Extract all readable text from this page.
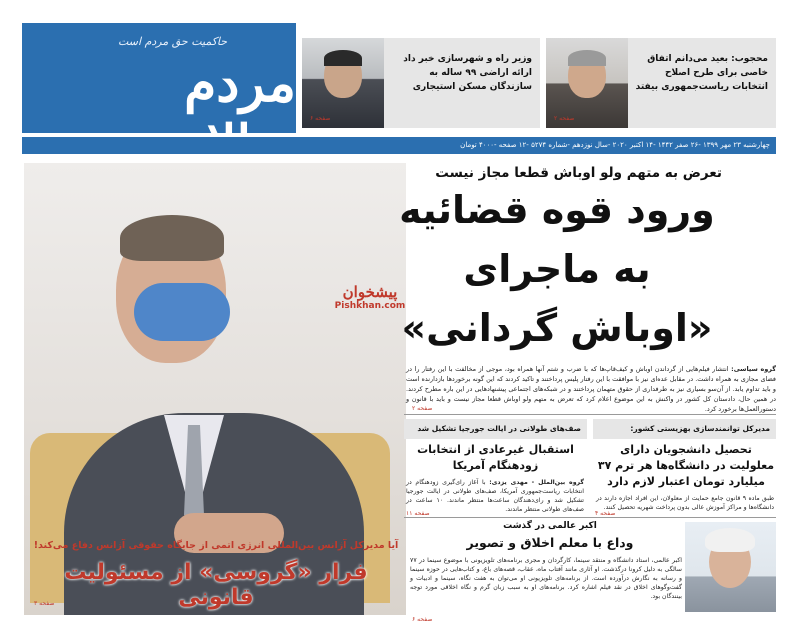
حاکمیت حق مردم است
مردم	وزیر راه و شهرسازی خبر داد ارائه اراضی ۹۹ ساله به سازندگان مسکن استیجاری
صفحه ۶
محجوب: بعید می‌دانم اتفاق خاصی برای طرح اصلاح انتخابات ریاست‌جمهوری بیفتد
صفحه ۲
چهارشنبه ۲۳ مهر ۱۳۹۹ -۲۶ صفر ۱۴۴۲ -۱۴ اکتبر ۲۰۲۰ -سال نوزدهم -شماره ۵۲۷۴ -۱۲ صفحه -۴۰۰۰ تومان
پیشخوان
Pishkhan.com
آیا مدیرکل آژانس بین‌المللی انرژی اتمی از جایگاه حقوقی آژانس دفاع می‌کند!
فرار «گروسی» از مسئولیت قانونی
صفحه ۳
تعرض به متهم ولو اوباش قطعا مجاز نیست
ورود قوه قضائیه
به ماجرای
«اوباش گردانی»
گروه سیاسی: انتشار فیلم‌هایی از گرداندن اوباش و کیف‌قاپ‌ها که با ضرب و شتم آنها همراه بود، موجی از مخالفت با این رفتار را در فضای مجازی به همراه داشت. در مقابل عده‌ای نیز با موافقت با این رفتار پلیس پرداختند و تاکید کردند که این گونه برخوردها بازدارنده است و باید تداوم یابد. از آن‌سو بسیاری نیز به طرفداری از حقوق متهمان پرداختند و در شبکه‌های اجتماعی پیشنهادهایی در این باره مطرح کردند. در همین حال، دادستان کل کشور در واکنش به این موضوع اعلام کرد که تعرض به متهم ولو اوباش قطعا مجاز نیست و باید با قانون و دستورالعمل‌ها برخورد کرد.
صفحه ۲
مدیرکل توانمندسازی بهزیستی کشور:
تحصیل دانشجویان دارای معلولیت در دانشگاه‌ها هر ترم ۳۷ میلیارد تومان اعتبار لازم دارد
طبق ماده ۹ قانون جامع حمایت از معلولان، این افراد اجازه دارند در دانشگاه‌ها و مراکز آموزش عالی بدون پرداخت شهریه تحصیل کنند.
صفحه ۴
صف‌های طولانی در ایالت جورجیا تشکیل شد
استقبال غیرعادی از انتخابات زودهنگام آمریکا
گروه بین‌الملل - مهدی یزدی: با آغاز رای‌گیری زودهنگام در انتخابات ریاست‌جمهوری آمریکا، صف‌های طولانی در ایالت جورجیا تشکیل شد و رای‌دهندگان ساعت‌ها منتظر ماندند. ۱۰ ساعت در صف‌های طولانی منتظر ماندند.
صفحه ۱۱
اکبر عالمی در گذشت
وداع با معلم اخلاق و تصویر
اکبر عالمی، استاد دانشگاه و منتقد سینما، کارگردان و مجری برنامه‌های تلویزیونی با موضوع سینما در ۷۷ سالگی به دلیل کرونا درگذشت. او آثاری مانند آفتاب ماه، عقاب، قصه‌های باغ، و کتاب‌هایی در حوزه سینما و رسانه به نگارش درآورده است. از برنامه‌های تلویزیونی او می‌توان به هفت نگاه، سینما و ادبیات و گفت‌وگوهای اخلاق در نقد فیلم اشاره کرد. برنامه‌های او به سبب زبان گرم و نگاه اخلاقی مورد توجه بینندگان بود.
صفحه ۶
